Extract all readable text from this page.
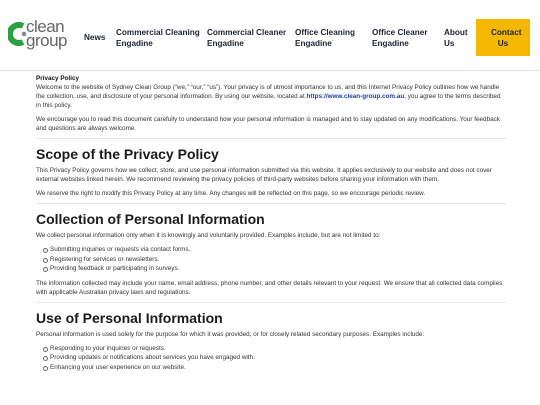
clean
group News
Commercial Cleaning Engadine
Commercial Cleaner Engadine
Office Cleaning Engadine
Office Cleaner Engadine
About Us
Contact Us
Privacy Policy

Welcome to the website of Sydney Clean Group (“we,” “our,” “us”). Your privacy is of utmost importance to us, and this Internet Privacy Policy outlines how we handle the collection, use, and disclosure of your personal information. By using our website, located at https://www.clean-group.com.au, you agree to the terms described in this policy.

We encourage you to read this document carefully to understand how your personal information is managed and to stay updated on any modifications. Your feedback and questions are always welcome.

Scope of the Privacy Policy

This Privacy Policy governs how we collect, store, and use personal information submitted via this website. It applies exclusively to our website and does not cover external websites linked herein. We recommend reviewing the privacy policies of third-party websites before sharing your information with them.

We reserve the right to modify this Privacy Policy at any time. Any changes will be reflected on this page, so we encourage periodic review.

Collection of Personal Information

We collect personal information only when it is knowingly and voluntarily provided. Examples include, but are not limited to:

Submitting inquiries or requests via contact forms.
Registering for services or newsletters.
Providing feedback or participating in surveys.

The information collected may include your name, email address, phone number, and other details relevant to your request. We ensure that all collected data complies with applicable Australian privacy laws and regulations.

Use of Personal Information

Personal information is used solely for the purpose for which it was provided, or for closely related secondary purposes. Examples include:

Responding to your inquiries or requests.
Providing updates or notifications about services you have engaged with.
Enhancing your user experience on our website.
